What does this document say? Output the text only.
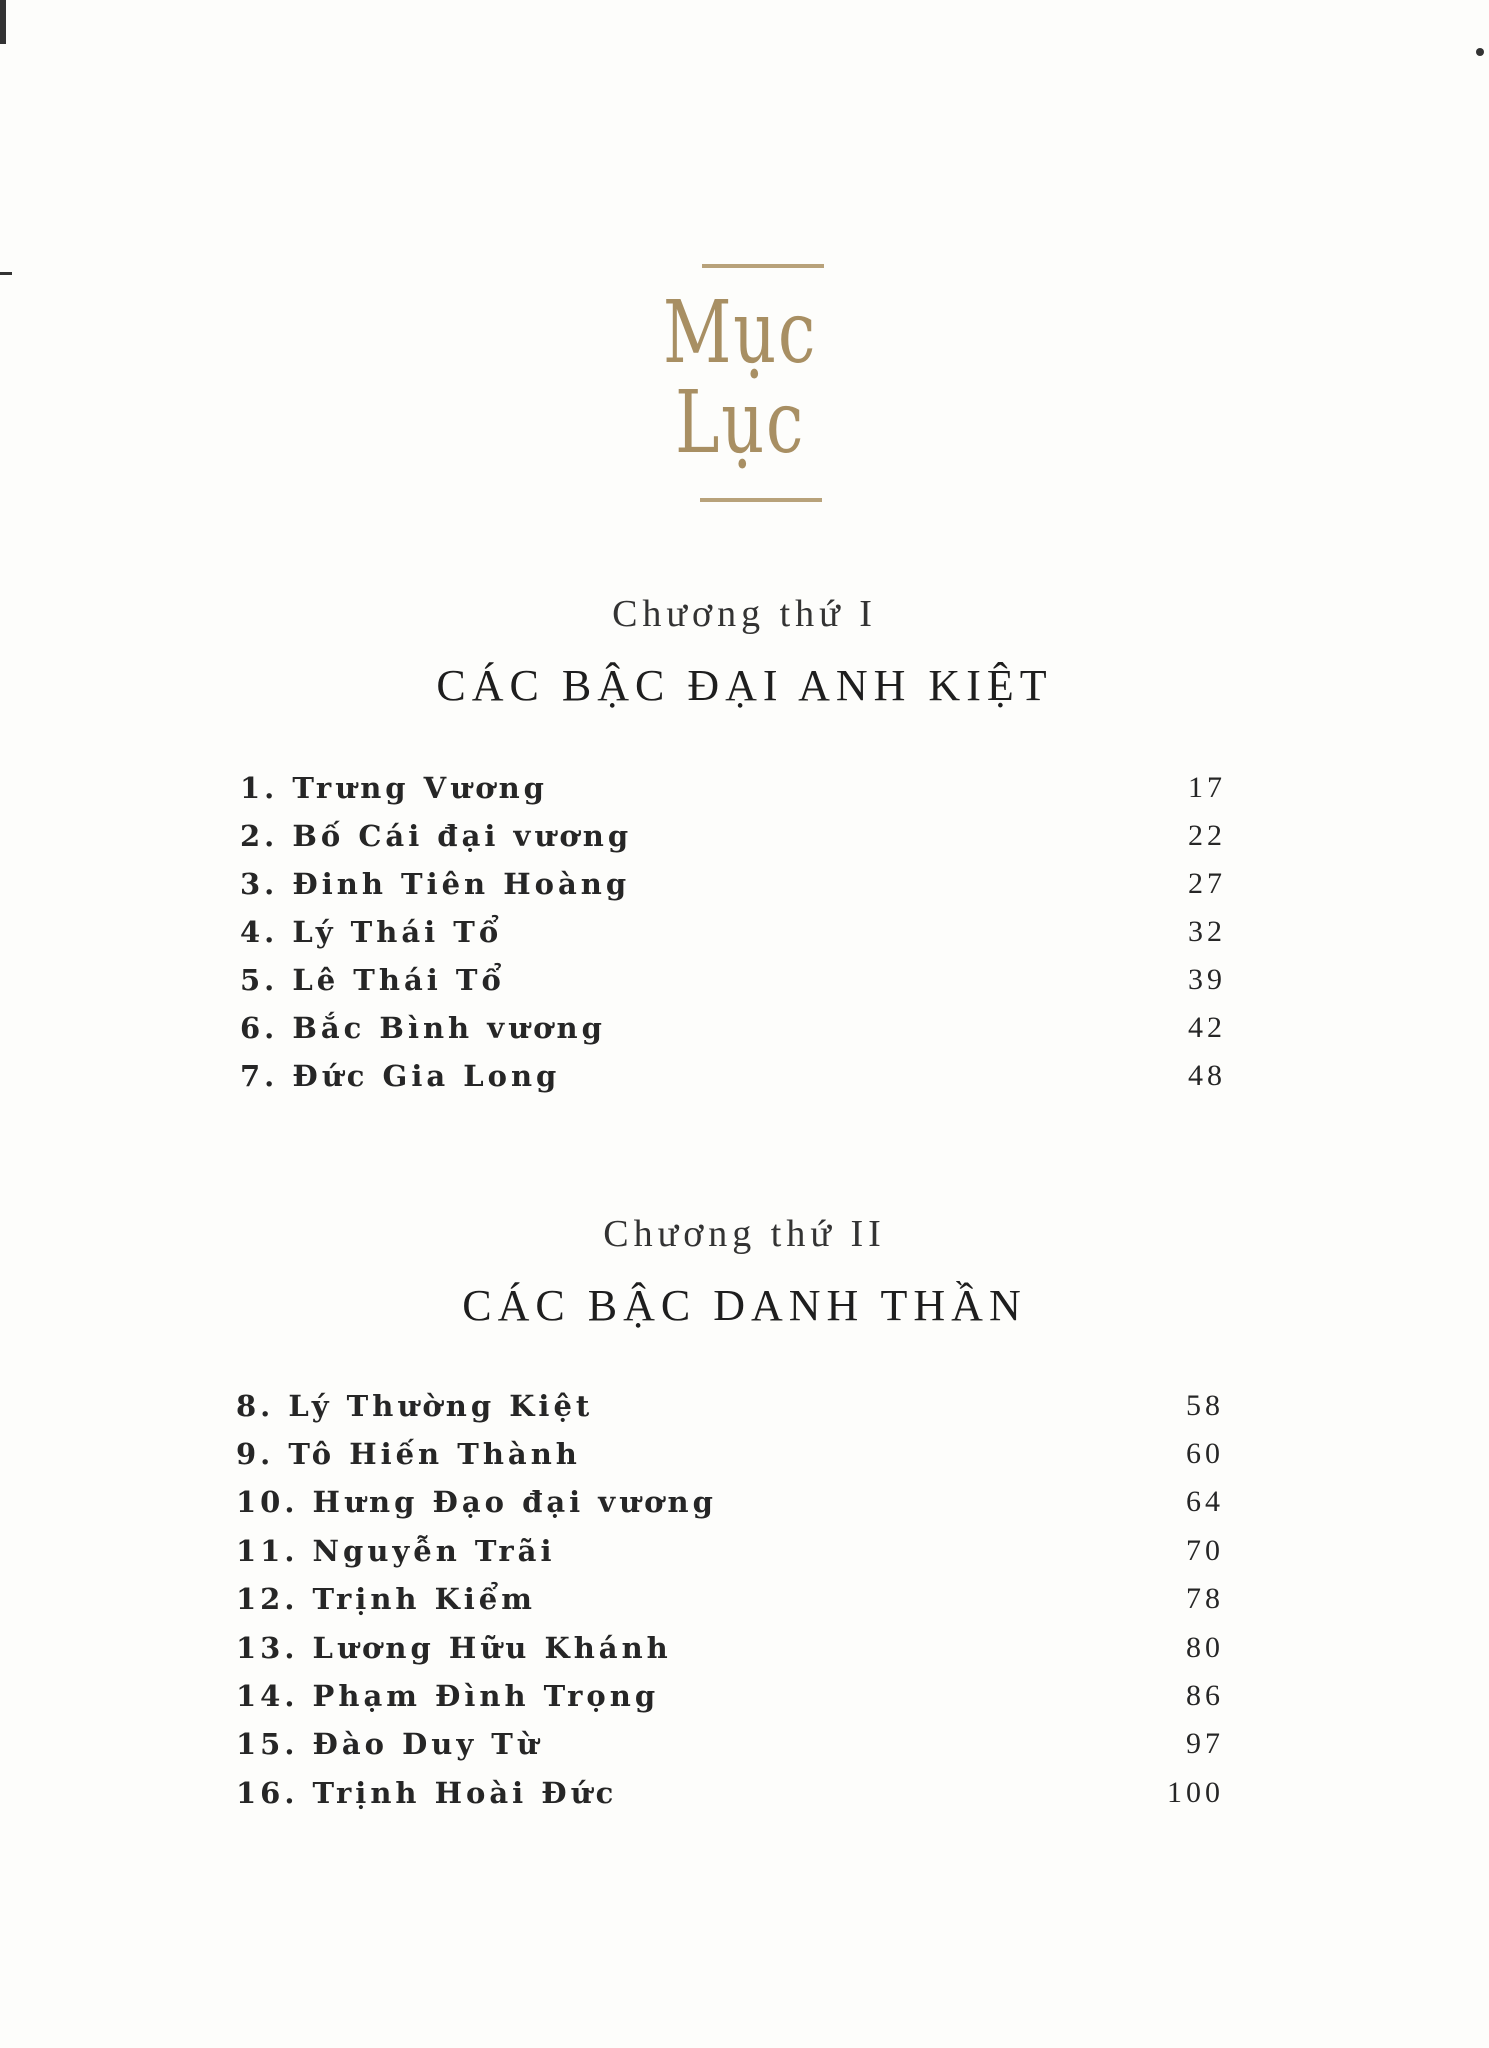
Mục
Lục
Chương thứ I
CÁC BẬC ĐẠI ANH KIỆT
1. Trưng Vương	17
2. Bố Cái đại vương	22
3. Đinh Tiên Hoàng	27
4. Lý Thái Tổ	32
5. Lê Thái Tổ	39
6. Bắc Bình vương	42
7. Đức Gia Long	48
Chương thứ II
CÁC BẬC DANH THẦN
8. Lý Thường Kiệt	58
9. Tô Hiến Thành	60
10. Hưng Đạo đại vương	64
11. Nguyễn Trãi	70
12. Trịnh Kiểm	78
13. Lương Hữu Khánh	80
14. Phạm Đình Trọng	86
15. Đào Duy Từ	97
16. Trịnh Hoài Đức	100
